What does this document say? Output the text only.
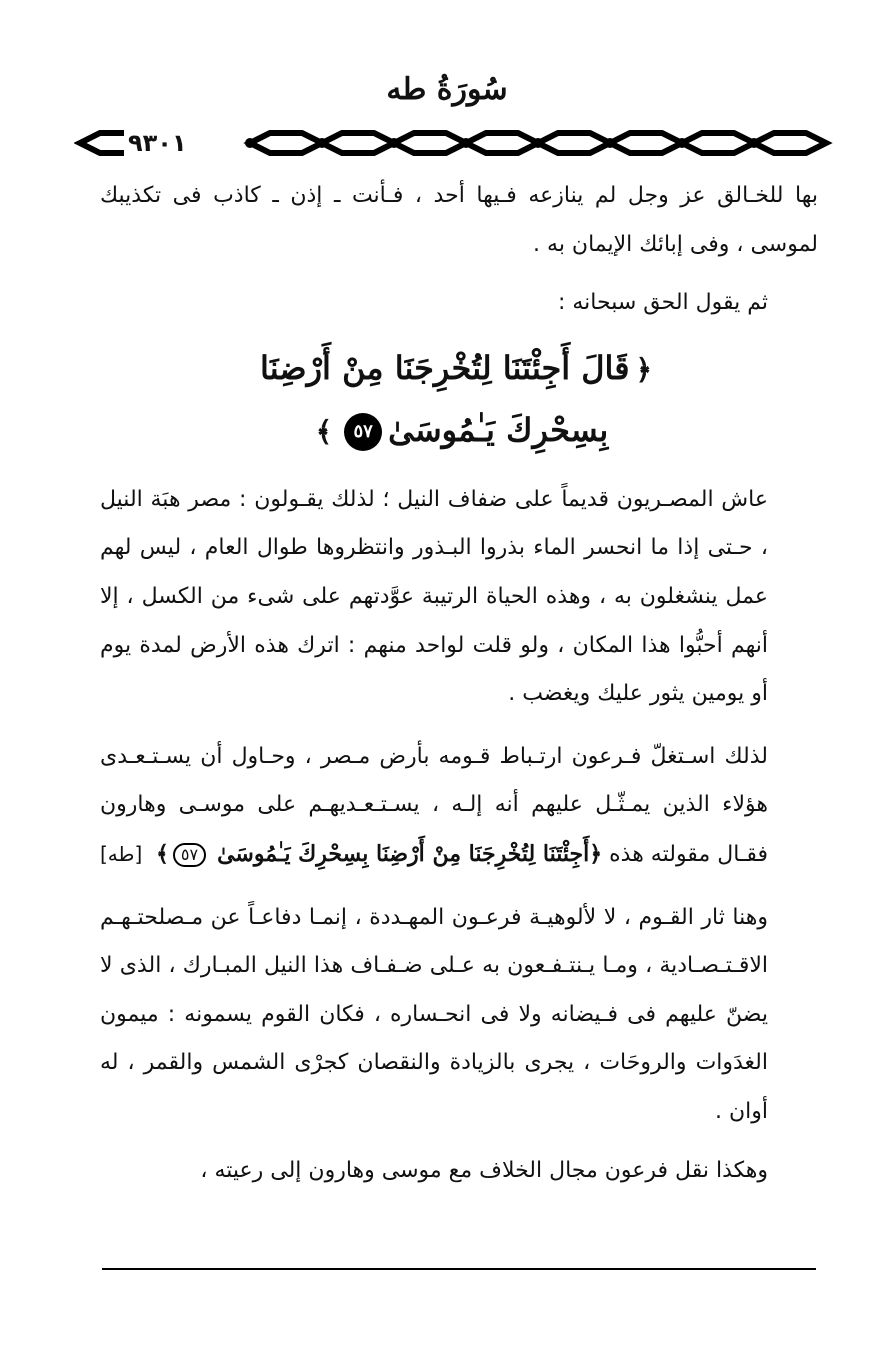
سُورَةُ طه
٩٣٠١

بها للخـالق عز وجل لم ينازعه فـيها أحد ، فـأنت ـ إذن ـ كاذب فى تكذيبك لموسى ، وفى إبائك الإيمان به .

ثم يقول الحق سبحانه :

﴿قَالَ أَجِئْتَنَا لِتُخْرِجَنَا مِنْ أَرْضِنَا

بِسِحْرِكَ يَـٰمُوسَىٰ٥٧﴾

عاش المصـريون قديماً على ضفاف النيل ؛ لذلك يقـولون : مصر هبَة النيل ، حـتى إذا ما انحسر الماء بذروا البـذور وانتظروها طوال العام ، ليس لهم عمل ينشغلون به ، وهذه الحياة الرتيبة عوَّدتهم على شىء من الكسل ، إلا أنهم أحبُّوا هذا المكان ، ولو قلت لواحد منهم : اترك هذه الأرض لمدة يوم أو يومين يثور عليك ويغضب .

لذلك اسـتغلّ فـرعون ارتـباط قـومه بأرض مـصر ، وحـاول أن يسـتـعـدى هؤلاء الذين يمـثّـل عليهم أنه إلـه ، يسـتـعـديهـم على موسـى وهارون فقـال مقولته هذه ﴿أَجِئْتَنَا لِتُخْرِجَنَا مِنْ أَرْضِنَا بِسِحْرِكَ يَـٰمُوسَىٰ ٥٧﴾
[طه]

وهنا ثار القـوم ، لا لألوهيـة فرعـون المهـددة ، إنمـا دفاعـاً عن مـصلحتـهـم الاقـتـصـادية ، ومـا يـنتـفـعون به عـلى ضـفـاف هذا النيل المبـارك ، الذى لا يضنّ عليهم فى فـيضانه ولا فى انحـساره ، فكان القوم يسمونه : ميمون الغدَوات والروحَات ، يجرى بالزيادة والنقصان كجرْى الشمس والقمر ، له أوان .

وهكذا نقل فرعون مجال الخلاف مع موسى وهارون إلى رعيته ،
